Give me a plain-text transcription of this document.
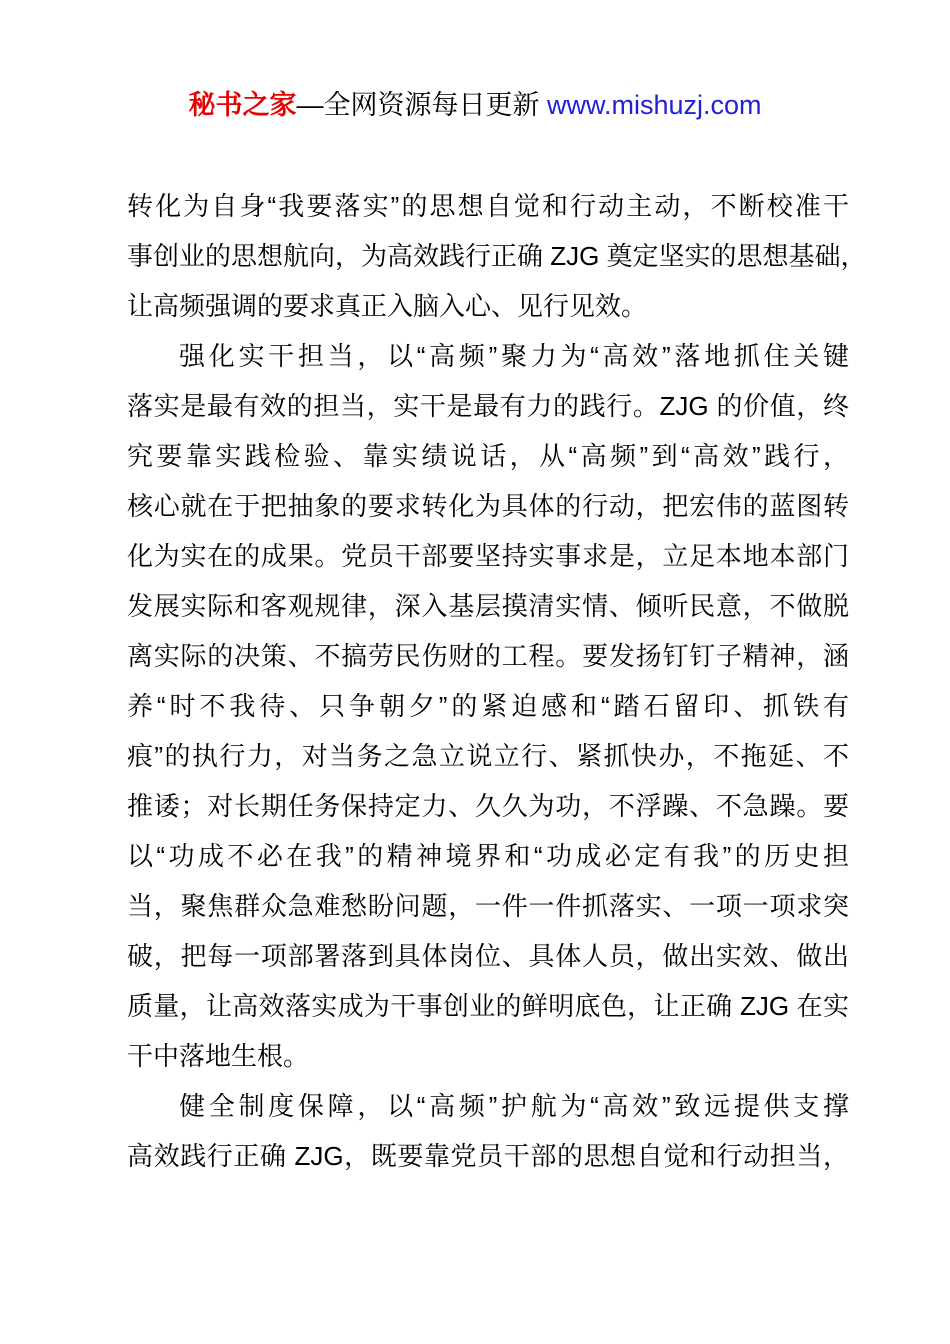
秘书之家—全网资源每日更新 www.mishuzj.com
转化为自身“我要落实”的思想自觉和行动主动，不断校准干
事创业的思想航向，为高效践行正确 ZJG 奠定坚实的思想基础，
让高频强调的要求真正入脑入心、见行见效。
强化实干担当，以“高频”聚力为“高效”落地抓住关键
落实是最有效的担当，实干是最有力的践行。ZJG 的价值，终
究要靠实践检验、靠实绩说话，从“高频”到“高效”践行，
核心就在于把抽象的要求转化为具体的行动，把宏伟的蓝图转
化为实在的成果。党员干部要坚持实事求是，立足本地本部门
发展实际和客观规律，深入基层摸清实情、倾听民意，不做脱
离实际的决策、不搞劳民伤财的工程。要发扬钉钉子精神，涵
养“时不我待、只争朝夕”的紧迫感和“踏石留印、抓铁有
痕”的执行力，对当务之急立说立行、紧抓快办，不拖延、不
推诿；对长期任务保持定力、久久为功，不浮躁、不急躁。要
以“功成不必在我”的精神境界和“功成必定有我”的历史担
当，聚焦群众急难愁盼问题，一件一件抓落实、一项一项求突
破，把每一项部署落到具体岗位、具体人员，做出实效、做出
质量，让高效落实成为干事创业的鲜明底色，让正确 ZJG 在实
干中落地生根。
健全制度保障，以“高频”护航为“高效”致远提供支撑
高效践行正确 ZJG，既要靠党员干部的思想自觉和行动担当，
